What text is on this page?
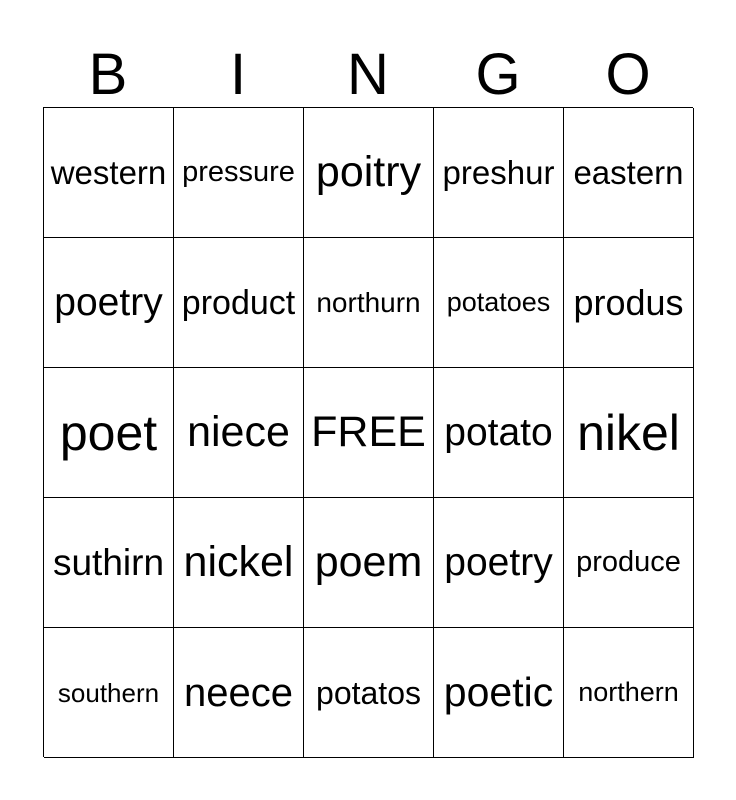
B	I	N	G	O
western pressure poitry preshur eastern
poetry product northurn potatoes produs
poet niece FREE potato nikel
suthirn nickel poem poetry produce
southern neece potatos poetic northern
